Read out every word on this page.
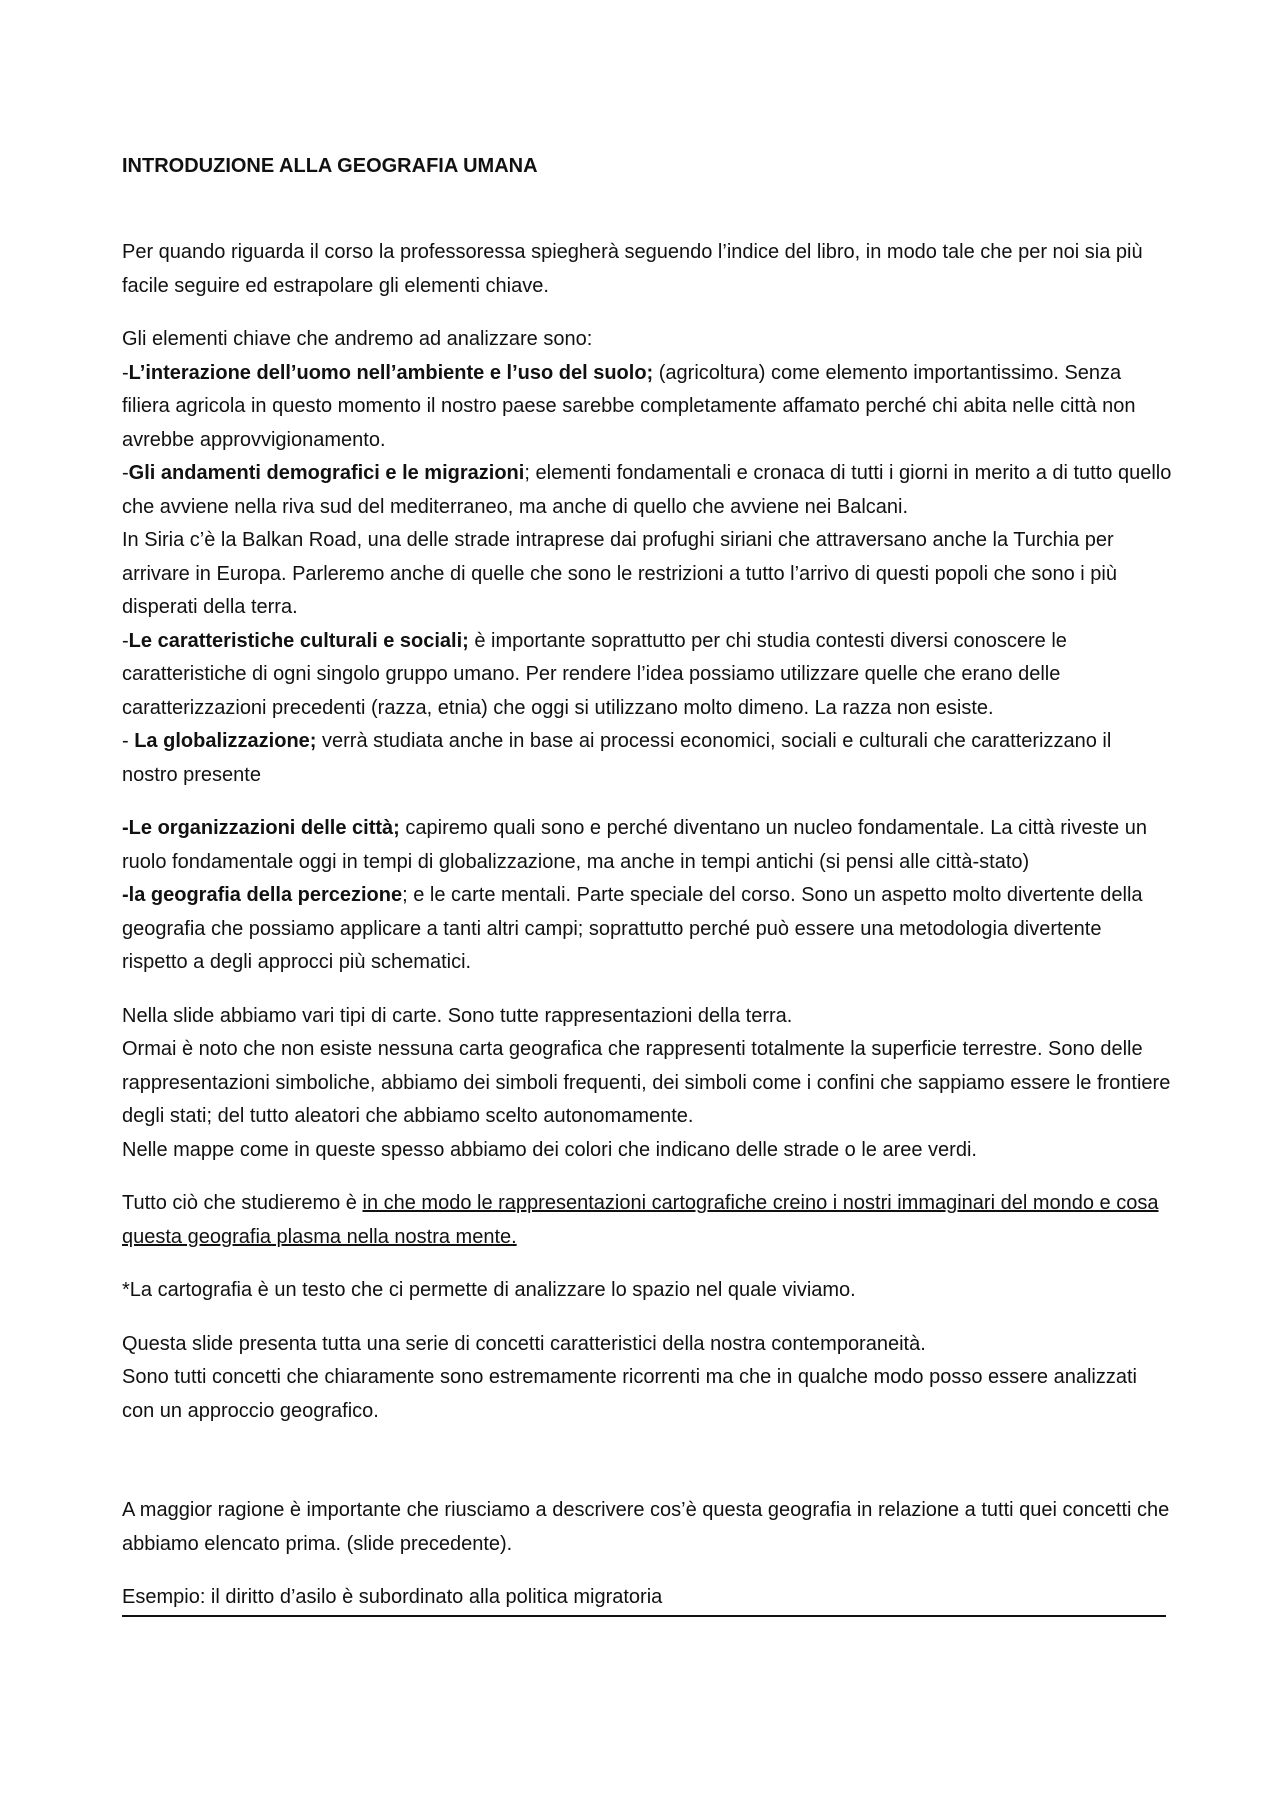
INTRODUZIONE ALLA GEOGRAFIA UMANA

Per quando riguarda il corso la professoressa spiegherà seguendo l’indice del libro, in modo tale che per noi sia più facile seguire ed estrapolare gli elementi chiave.

Gli elementi chiave che andremo ad analizzare sono:
-L’interazione dell’uomo nell’ambiente e l’uso del suolo; (agricoltura) come elemento importantissimo. Senza filiera agricola in questo momento il nostro paese sarebbe completamente affamato perché chi abita nelle città non avrebbe approvvigionamento.
-Gli andamenti demografici e le migrazioni; elementi fondamentali e cronaca di tutti i giorni in merito a di tutto quello che avviene nella riva sud del mediterraneo, ma anche di quello che avviene nei Balcani.
In Siria c’è la Balkan Road, una delle strade intraprese dai profughi siriani che attraversano anche la Turchia per arrivare in Europa. Parleremo anche di quelle che sono le restrizioni a tutto l’arrivo di questi popoli che sono i più disperati della terra.
-Le caratteristiche culturali e sociali; è importante soprattutto per chi studia contesti diversi conoscere le caratteristiche di ogni singolo gruppo umano. Per rendere l’idea possiamo utilizzare quelle che erano delle caratterizzazioni precedenti (razza, etnia) che oggi si utilizzano molto dimeno. La razza non esiste.
- La globalizzazione; verrà studiata anche in base ai processi economici, sociali e culturali che caratterizzano il nostro presente

-Le organizzazioni delle città; capiremo quali sono e perché diventano un nucleo fondamentale. La città riveste un ruolo fondamentale oggi in tempi di globalizzazione, ma anche in tempi antichi (si pensi alle città-stato)
-la geografia della percezione; e le carte mentali. Parte speciale del corso. Sono un aspetto molto divertente della geografia che possiamo applicare a tanti altri campi; soprattutto perché può essere una metodologia divertente rispetto a degli approcci più schematici.

Nella slide abbiamo vari tipi di carte. Sono tutte rappresentazioni della terra.
Ormai è noto che non esiste nessuna carta geografica che rappresenti totalmente la superficie terrestre. Sono delle rappresentazioni simboliche, abbiamo dei simboli frequenti, dei simboli come i confini che sappiamo essere le frontiere degli stati; del tutto aleatori che abbiamo scelto autonomamente.
Nelle mappe come in queste spesso abbiamo dei colori che indicano delle strade o le aree verdi.

Tutto ciò che studieremo è in che modo le rappresentazioni cartografiche creino i nostri immaginari del mondo e cosa questa geografia plasma nella nostra mente.

*La cartografia è un testo che ci permette di analizzare lo spazio nel quale viviamo.

Questa slide presenta tutta una serie di concetti caratteristici della nostra contemporaneità.
Sono tutti concetti che chiaramente sono estremamente ricorrenti ma che in qualche modo posso essere analizzati con un approccio geografico.

A maggior ragione è importante che riusciamo a descrivere cos’è questa geografia in relazione a tutti quei concetti che abbiamo elencato prima. (slide precedente).

Esempio: il diritto d’asilo è subordinato alla politica migratoria
